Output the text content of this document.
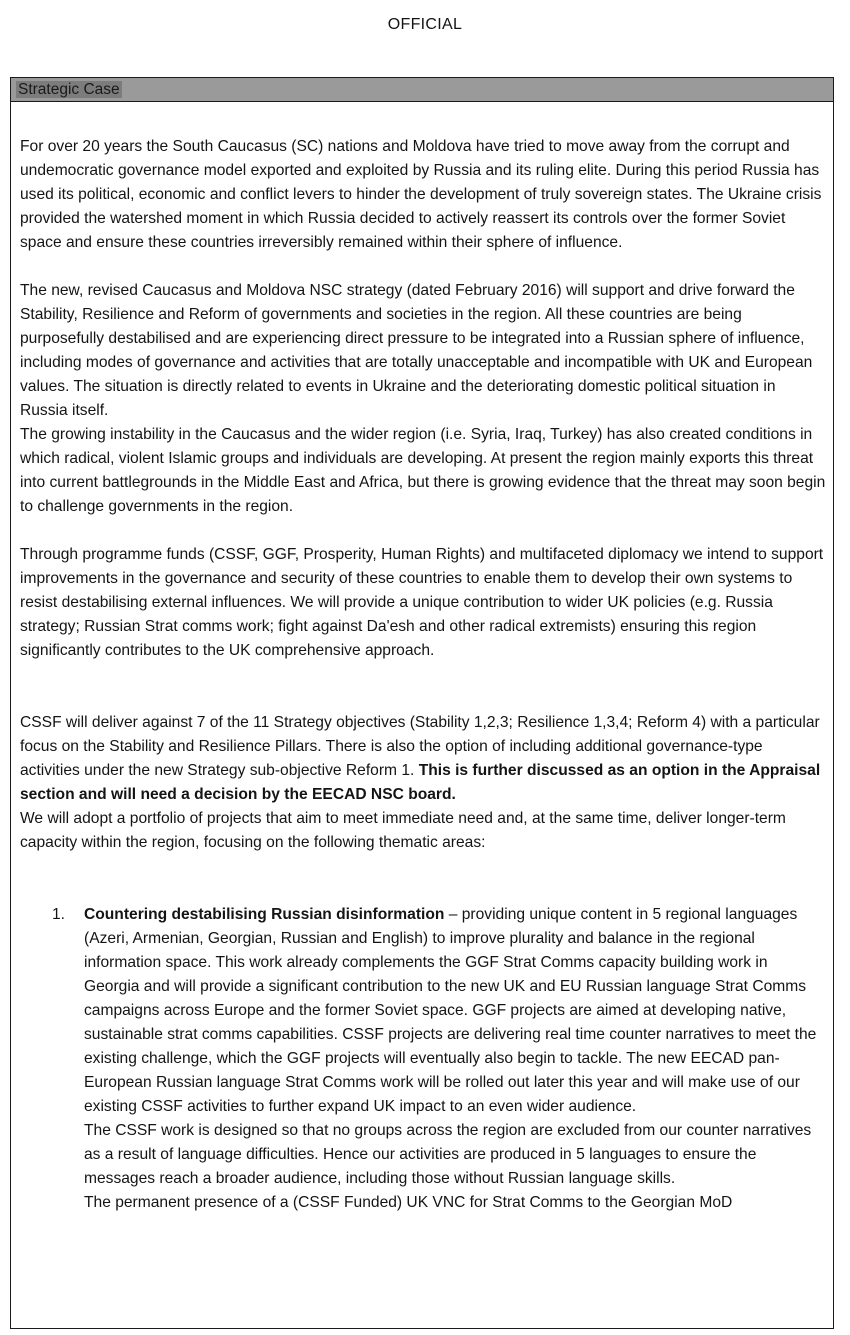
OFFICIAL
Strategic Case

For over 20 years the South Caucasus (SC) nations and Moldova have tried to move away from the corrupt and undemocratic governance model exported and exploited by Russia and its ruling elite. During this period Russia has used its political, economic and conflict levers to hinder the development of truly sovereign states. The Ukraine crisis provided the watershed moment in which Russia decided to actively reassert its controls over the former Soviet space and ensure these countries irreversibly remained within their sphere of influence.

The new, revised Caucasus and Moldova NSC strategy (dated February 2016) will support and drive forward the Stability, Resilience and Reform of governments and societies in the region. All these countries are being purposefully destabilised and are experiencing direct pressure to be integrated into a Russian sphere of influence, including modes of governance and activities that are totally unacceptable and incompatible with UK and European values. The situation is directly related to events in Ukraine and the deteriorating domestic political situation in Russia itself.

The growing instability in the Caucasus and the wider region (i.e. Syria, Iraq, Turkey) has also created conditions in which radical, violent Islamic groups and individuals are developing. At present the region mainly exports this threat into current battlegrounds in the Middle East and Africa, but there is growing evidence that the threat may soon begin to challenge governments in the region.

Through programme funds (CSSF, GGF, Prosperity, Human Rights) and multifaceted diplomacy we intend to support improvements in the governance and security of these countries to enable them to develop their own systems to resist destabilising external influences. We will provide a unique contribution to wider UK policies (e.g. Russia strategy; Russian Strat comms work; fight against Da'esh and other radical extremists) ensuring this region significantly contributes to the UK comprehensive approach.

CSSF will deliver against 7 of the 11 Strategy objectives (Stability 1,2,3; Resilience 1,3,4; Reform 4) with a particular focus on the Stability and Resilience Pillars. There is also the option of including additional governance-type activities under the new Strategy sub-objective Reform 1. This is further discussed as an option in the Appraisal section and will need a decision by the EECAD NSC board.

We will adopt a portfolio of projects that aim to meet immediate need and, at the same time, deliver longer-term capacity within the region, focusing on the following thematic areas:

1.	Countering destabilising Russian disinformation – providing unique content in 5 regional languages (Azeri, Armenian, Georgian, Russian and English) to improve plurality and balance in the regional information space. This work already complements the GGF Strat Comms capacity building work in Georgia and will provide a significant contribution to the new UK and EU Russian language Strat Comms campaigns across Europe and the former Soviet space. GGF projects are aimed at developing native, sustainable strat comms capabilities. CSSF projects are delivering real time counter narratives to meet the existing challenge, which the GGF projects will eventually also begin to tackle. The new EECAD pan-European Russian language Strat Comms work will be rolled out later this year and will make use of our existing CSSF activities to further expand UK impact to an even wider audience.

The CSSF work is designed so that no groups across the region are excluded from our counter narratives as a result of language difficulties. Hence our activities are produced in 5 languages to ensure the messages reach a broader audience, including those without Russian language skills.

The permanent presence of a (CSSF Funded) UK VNC for Strat Comms to the Georgian MoD
